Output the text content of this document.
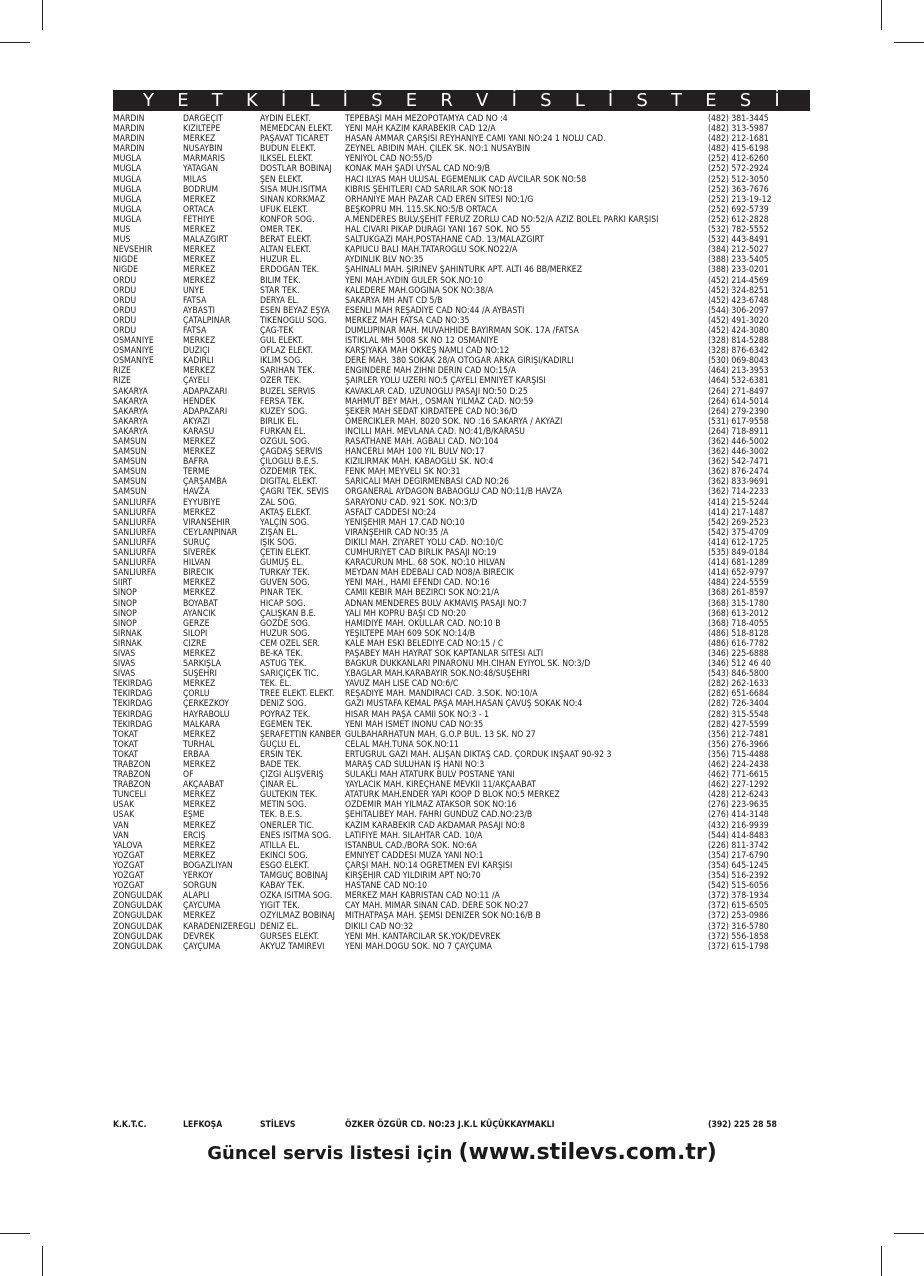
Y E T K İ L İ S E R V İ S L İ S T E S İ
MARDIN	DARGEÇİT	AYDIN ELEKT.	TEPEBAŞI MAH MEZOPOTAMYA CAD NO :4	(482) 381-3445
MARDIN	KIZILTEPE	MEMEDCAN ELEKT.	YENİ MAH KAZIM KARABEKİR CAD 12/A	(482) 313-5987
MARDIN	MERKEZ	PAŞAVAT TİCARET	HASAN AMMAR ÇARŞISI REYHANİYE CAMİ YANI NO:24 1 NOLU CAD.	(482) 212-1681
MARDIN	NUSAYBIN	BÜDÜN ELEKT.	ZEYNEL ABİDİN MAH. ÇİLEK SK. NO:1 NUSAYBIN	(482) 415-6198
MUGLA	MARMARIS	İLKSEL ELEKT.	YENİYOL CAD NO:55/D	(252) 412-6260
MUGLA	YATAĞAN	DOSTLAR BOBİNAJ	KONAK MAH ŞADİ UYSAL CAD NO:9/B	(252) 572-2924
MUGLA	MILAS	ŞEN ELEKT.	HACI İLYAS MAH ULUSAL EGEMENLİK CAD AVCILAR SOK NO:58	(252) 512-3050
MUGLA	BODRUM	SİSA MÜH.ISITMA	KIBRIS ŞEHİTLERİ CAD SARILAR SOK NO:18	(252) 363-7676
MUGLA	MERKEZ	SİNAN KORKMAZ	ORHANİYE MAH PAZAR CAD EREN SİTESİ NO:1/G	(252) 213-19-12
MUGLA	ORTACA	UFUK ELEKT.	BEŞKÖPRÜ MH. 115.SK.NO:5/B ORTACA	(252) 692-5739
MUGLA	FETHIYE	KONFOR SOĞ.	A.MENDERES BULV.ŞEHİT FERUZ ZORLU CAD NO:52/A AZİZ BOLEL PARKI KARŞISI	(252) 612-2828
MUS	MERKEZ	ÖMER TEK.	HAL CİVARI PİKAP DURAĞI YANI 167 SOK. NO 55	(532) 782-5552
MUS	MALAZGİRT	BERAT ELEKT.	SALTUKGAZİ MAH.POSTAHANE CAD. 13/MALAZGİRT	(532) 443-8491
NEVSEHIR	MERKEZ	ALTAN ELEKT.	KAPIUCU BALI MAH.TATAROĞLU SOK.NO22/A	(384) 212-5027
NIGDE	MERKEZ	HUZUR EL.	AYDINLIK BLV NO:35	(388) 233-5405
NIGDE	MERKEZ	ERDOĞAN TEK.	ŞAHİNALİ MAH. ŞİRİNEV ŞAHİNTÜRK APT. ALTI 46 BB/MERKEZ	(388) 233-0201
ORDU	MERKEZ	BİLİM TEK.	YENİ MAH.AYDIN GÜLER SOK.NO:10	(452) 214-4569
ORDU	ÜNYE	STAR TEK.	KALEDERE MAH.GOGİNA SOK NO:38/A	(452) 324-8251
ORDU	FATSA	DERYA EL.	SAKARYA MH ANT CD 5/B	(452) 423-6748
ORDU	AYBASTI	ESEN BEYAZ EŞYA	ESENLİ MAH REŞADİYE CAD NO:44 /A AYBASTI	(544) 306-2097
ORDU	ÇATALPINAR	TİKENOĞLU SOĞ.	MERKEZ MAH FATSA CAD NO:35	(452) 491-3020
ORDU	FATSA	ÇAĞ-TEK	DUMLUPINAR MAH. MUVAHHİDE BAYIRMAN SOK. 17A /FATSA	(452) 424-3080
OSMANIYE	MERKEZ	GÜL ELEKT.	İSTİKLAL MH 5008 SK NO 12 OSMANİYE	(328) 814-5288
OSMANIYE	DÜZİÇİ	OFLAZ ELEKT.	KARŞIYAKA MAH ÖKKEŞ NAMLI CAD NO:12	(328) 876-6342
OSMANIYE	KADİRLİ	İKLİM SOĞ.	DERE MAH. 380 SOKAK 28/A OTOGAR ARKA GİRİŞİ/KADİRLİ	(530) 069-8043
RIZE	MERKEZ	SARIHAN TEK.	ENGİNDERE MAH ZİHNİ DERİN CAD NO:15/A	(464) 213-3953
RIZE	ÇAYELİ	ÖZER TEK.	ŞAİRLER YOLU ÜZERİ NO:5 ÇAYELİ EMNİYET KARŞISI	(464) 532-6381
SAKARYA	ADAPAZARI	BUZEL SERVIS	KAVAKLAR CAD. UZUNOGLU PASAJI NO:50 D:25	(264) 271-8497
SAKARYA	HENDEK	FERSA TEK.	MAHMUT BEY MAH., OSMAN YILMAZ CAD. NO:59	(264) 614-5014
SAKARYA	ADAPAZARI	KUZEY SOĞ.	ŞEKER MAH SEDAT KIRDATEPE CAD NO:36/D	(264) 279-2390
SAKARYA	AKYAZI	BİRLİK EL.	ÖMERCİKLER MAH. 8020 SOK. NO :16 SAKARYA / AKYAZI	(531) 617-9558
SAKARYA	KARASU	FURKAN EL.	İNCİLLİ MAH. MEVLANA CAD. NO:41/B/KARASU	(264) 718-8911
SAMSUN	MERKEZ	ÖZGÜL SOĞ.	RASATHANE MAH. AĞBALI CAD. NO:104	(362) 446-5002
SAMSUN	MERKEZ	ÇAĞDAŞ SERVİS	HANCERLI MAH 100 YIL BULV NO:17	(362) 446-3002
SAMSUN	BAFRA	ÇİLOĞLU B.E.S.	KIZILIRMAK MAH. KABAOĞLU SK. NO:4	(362) 542-7471
SAMSUN	TERME	ÖZDEMİR TEK.	FENK MAH MEYVELİ SK NO:31	(362) 876-2474
SAMSUN	ÇARŞAMBA	DİGİTAL ELEKT.	SARICALI MAH DEĞİRMENBASI CAD NO:26	(362) 833-9691
SAMSUN	HAVZA	ÇAĞRI TEK. SEVİS	ORGANERAL AYDAĞON BABAOĞLU CAD NO:11/B HAVZA	(362) 714-2233
SANLIURFA	EYYÜBİYE	ZAL SOĞ.	SARAYÖNÜ CAD. 921 SOK. NO:3/D	(414) 215-5244
SANLIURFA	MERKEZ	AKTAŞ ELEKT.	ASFALT CADDESI NO:24	(414) 217-1487
SANLIURFA	VIRANSEHIR	YALÇIN SOĞ.	YENİŞEHİR MAH 17.CAD NO:10	(542) 269-2523
SANLIURFA	CEYLANPINAR	ZİŞAN EL.	VİRANŞEHİR CAD NO:35 /A	(542) 375-4709
SANLIURFA	SURUÇ	IŞIK SOĞ.	DİKİLİ MAH. ZİYARET YOLU CAD. NO:10/C	(414) 612-1725
SANLIURFA	SİVEREK	ÇETİN ELEKT.	CUMHURİYET CAD BİRLİK PASAJI NO:19	(535) 849-0184
SANLIURFA	HİLVAN	GÜMÜŞ EL.	KARACURUN MHL. 68 SOK. NO:10 HİLVAN	(414) 681-1289
SANLIURFA	BİRECİK	TÜRKAY TEK.	MEYDAN MAH EDEBALİ CAD NO8/A BİRECİK	(414) 652-9797
SIIRT	MERKEZ	GÜVEN SOĞ.	YENİ MAH., HAMİ EFENDİ CAD. NO:16	(484) 224-5559
SINOP	MERKEZ	PINAR TEK.	CAMİİ KEBİR MAH BEZİRCİ SOK NO:21/A	(368) 261-8597
SINOP	BOYABAT	HİCAP SOĞ.	ADNAN MENDERES BULV AKMAVİŞ PASAJI NO:7	(368) 315-1780
SINOP	AYANCIK	ÇALIŞKAN B.E.	YALI MH KÖPRÜ BAŞI CD NO:20	(368) 613-2012
SINOP	GERZE	GÖZDE SOĞ.	HAMİDİYE MAH. OKULLAR CAD. NO:10 B	(368) 718-4055
SIRNAK	SİLOPİ	HUZUR SOĞ.	YEŞİLTEPE MAH 609 SOK NO:14/B	(486) 518-8128
SIRNAK	CİZRE	CEM ÖZEL SER.	KALE MAH ESKİ BELEDİYE CAD NO:15 / C	(486) 616-7782
SIVAS	MERKEZ	BE-KA TEK.	PAŞABEY MAH HAYRAT SOK KAPTANLAR SİTESİ ALTI	(346) 225-6888
SIVAS	SARKIŞLA	ASTUĞ TEK.	BAĞKUR DÜKKANLARI PINARÖNÜ MH.CİHAN EYİYOL SK. NO:3/D	(346) 512 46 40
SIVAS	SUŞEHRİ	SARIÇİÇEK TİC.	Y.BAĞLAR MAH.KARABAYIR SOK.NO:48/SUŞEHRİ	(543) 846-5800
TEKIRDAG	MERKEZ	TEK. EL.	YAVUZ MAH LİSE CAD NO:6/C	(282) 262-1633
TEKIRDAG	ÇORLU	TREE ELEKT. ELEKT.	REŞADİYE MAH. MANDIRACI CAD. 3.SOK. NO:10/A	(282) 651-6684
TEKIRDAG	ÇERKEZKÖY	DENİZ SOĞ.	GAZİ MUSTAFA KEMAL PAŞA MAH.HASAN ÇAVUŞ SOKAK NO:4	(282) 726-3404
TEKIRDAG	HAYRABOLU	POYRAZ TEK.	HİSAR MAH PAŞA CAMİİ SOK NO:3 - 1	(282) 315-5548
TEKIRDAG	MALKARA	EGEMEN TEK.	YENİ MAH İSMET İNÖNÜ CAD NO:35	(282) 427-5599
TOKAT	MERKEZ	ŞERAFETTİN KANBER	GÜLBAHARHATUN MAH. G.O.P BUL. 13 SK. NO 27	(356) 212-7481
TOKAT	TURHAL	GÜÇLÜ EL.	CELAL MAH.TUNA SOK.NO:11	(356) 276-3966
TOKAT	ERBAA	ERSİN TEK.	ERTUĞRUL GAZİ MAH. ALİŞAN DİKTAŞ CAD. ÇORDÜK İNŞAAT 90-92 3	(356) 715-4488
TRABZON	MERKEZ	BADE TEK.	MARAŞ CAD SULUHAN İŞ HANI NO:3	(462) 224-2438
TRABZON	OF	ÇİZGİ ALIŞVERİŞ	SULAKLI MAH ATATURK BULV POSTANE YANI	(462) 771-6615
TRABZON	AKÇAABAT	ÇINAR EL.	YAYLACIK MAH. KİREÇHANE MEVKİİ 11/AKÇAABAT	(462) 227-1292
TUNCELI	MERKEZ	GÜLTEKİN TEK.	ATATÜRK MAH.ENDER YAPI KOOP D BLOK NO:5 MERKEZ	(428) 212-6243
USAK	MERKEZ	METİN SOĞ.	ÖZDEMİR MAH YILMAZ ATAKSOR SOK NO:16	(276) 223-9635
USAK	EŞME	TEK. B.E.S.	ŞEHİTALİBEY MAH. FAHRİ GÜNDÜZ CAD.NO:23/B	(276) 414-3148
VAN	MERKEZ	ÖNERLER TİC.	KAZIM KARABEKİR CAD AKDAMAR PASAJI NO:8	(432) 216-9939
VAN	ERCİŞ	ENES ISITMA SOĞ.	LATİFİYE MAH. SİLAHTAR CAD. 10/A	(544) 414-8483
YALOVA	MERKEZ	ATİLLA EL.	İSTANBUL CAD./BORA SOK. NO:6A	(226) 811-3742
YOZGAT	MERKEZ	EKİNCİ SOĞ.	EMNİYET CADDESİ MÜZA YANI NO:1	(354) 217-6790
YOZGAT	BOGAZLIYAN	ESGO ELEKT.	ÇARŞI MAH. NO:14 ÖĞRETMEN EVİ KARŞISI	(354) 645-1245
YOZGAT	YERKÖY	TAMGÜÇ BOBİNAJ	KIRŞEHİR CAD YILDIRIM APT NO:70	(354) 516-2392
YOZGAT	SORGUN	KABAY TEK.	HASTANE CAD NO:10	(542) 515-6056
ZONGULDAK	ALAPLI	ÖZKA ISITMA SOĞ.	MERKEZ MAH KABRİSTAN CAD NO:11 /A	(372) 378-1934
ZONGULDAK	ÇAYCUMA	YİĞİT TEK.	CAY MAH. MİMAR SİNAN CAD. DERE SOK NO:27	(372) 615-6505
ZONGULDAK	MERKEZ	ÖZYILMAZ BOBİNAJ	MİTHATPAŞA MAH. ŞEMSİ DENİZER SOK NO:16/B B	(372) 253-0986
ZONGULDAK	KARADENİZEREĞLİ	DENİZ EL.	DİKİLİ CAD NO:32	(372) 316-5780
ZONGULDAK	DEVREK	GÜRSES ELEKT.	YENİ MH. KANTARCILAR SK.YOK/DEVREK	(372) 556-1858
ZONGULDAK	ÇAYÇUMA	AKYÜZ TAMİREVİ	YENİ MAH.DOĞU SOK. NO 7 ÇAYÇUMA	(372) 615-1798
K.K.T.C.	LEFKOŞA	STİLEVS	ÖZKER ÖZGÜR CD. NO:23 J.K.L KÜÇÜKKAYMAKLI	(392) 225 28 58
Güncel servis listesi için (www.stilevs.com.tr)
